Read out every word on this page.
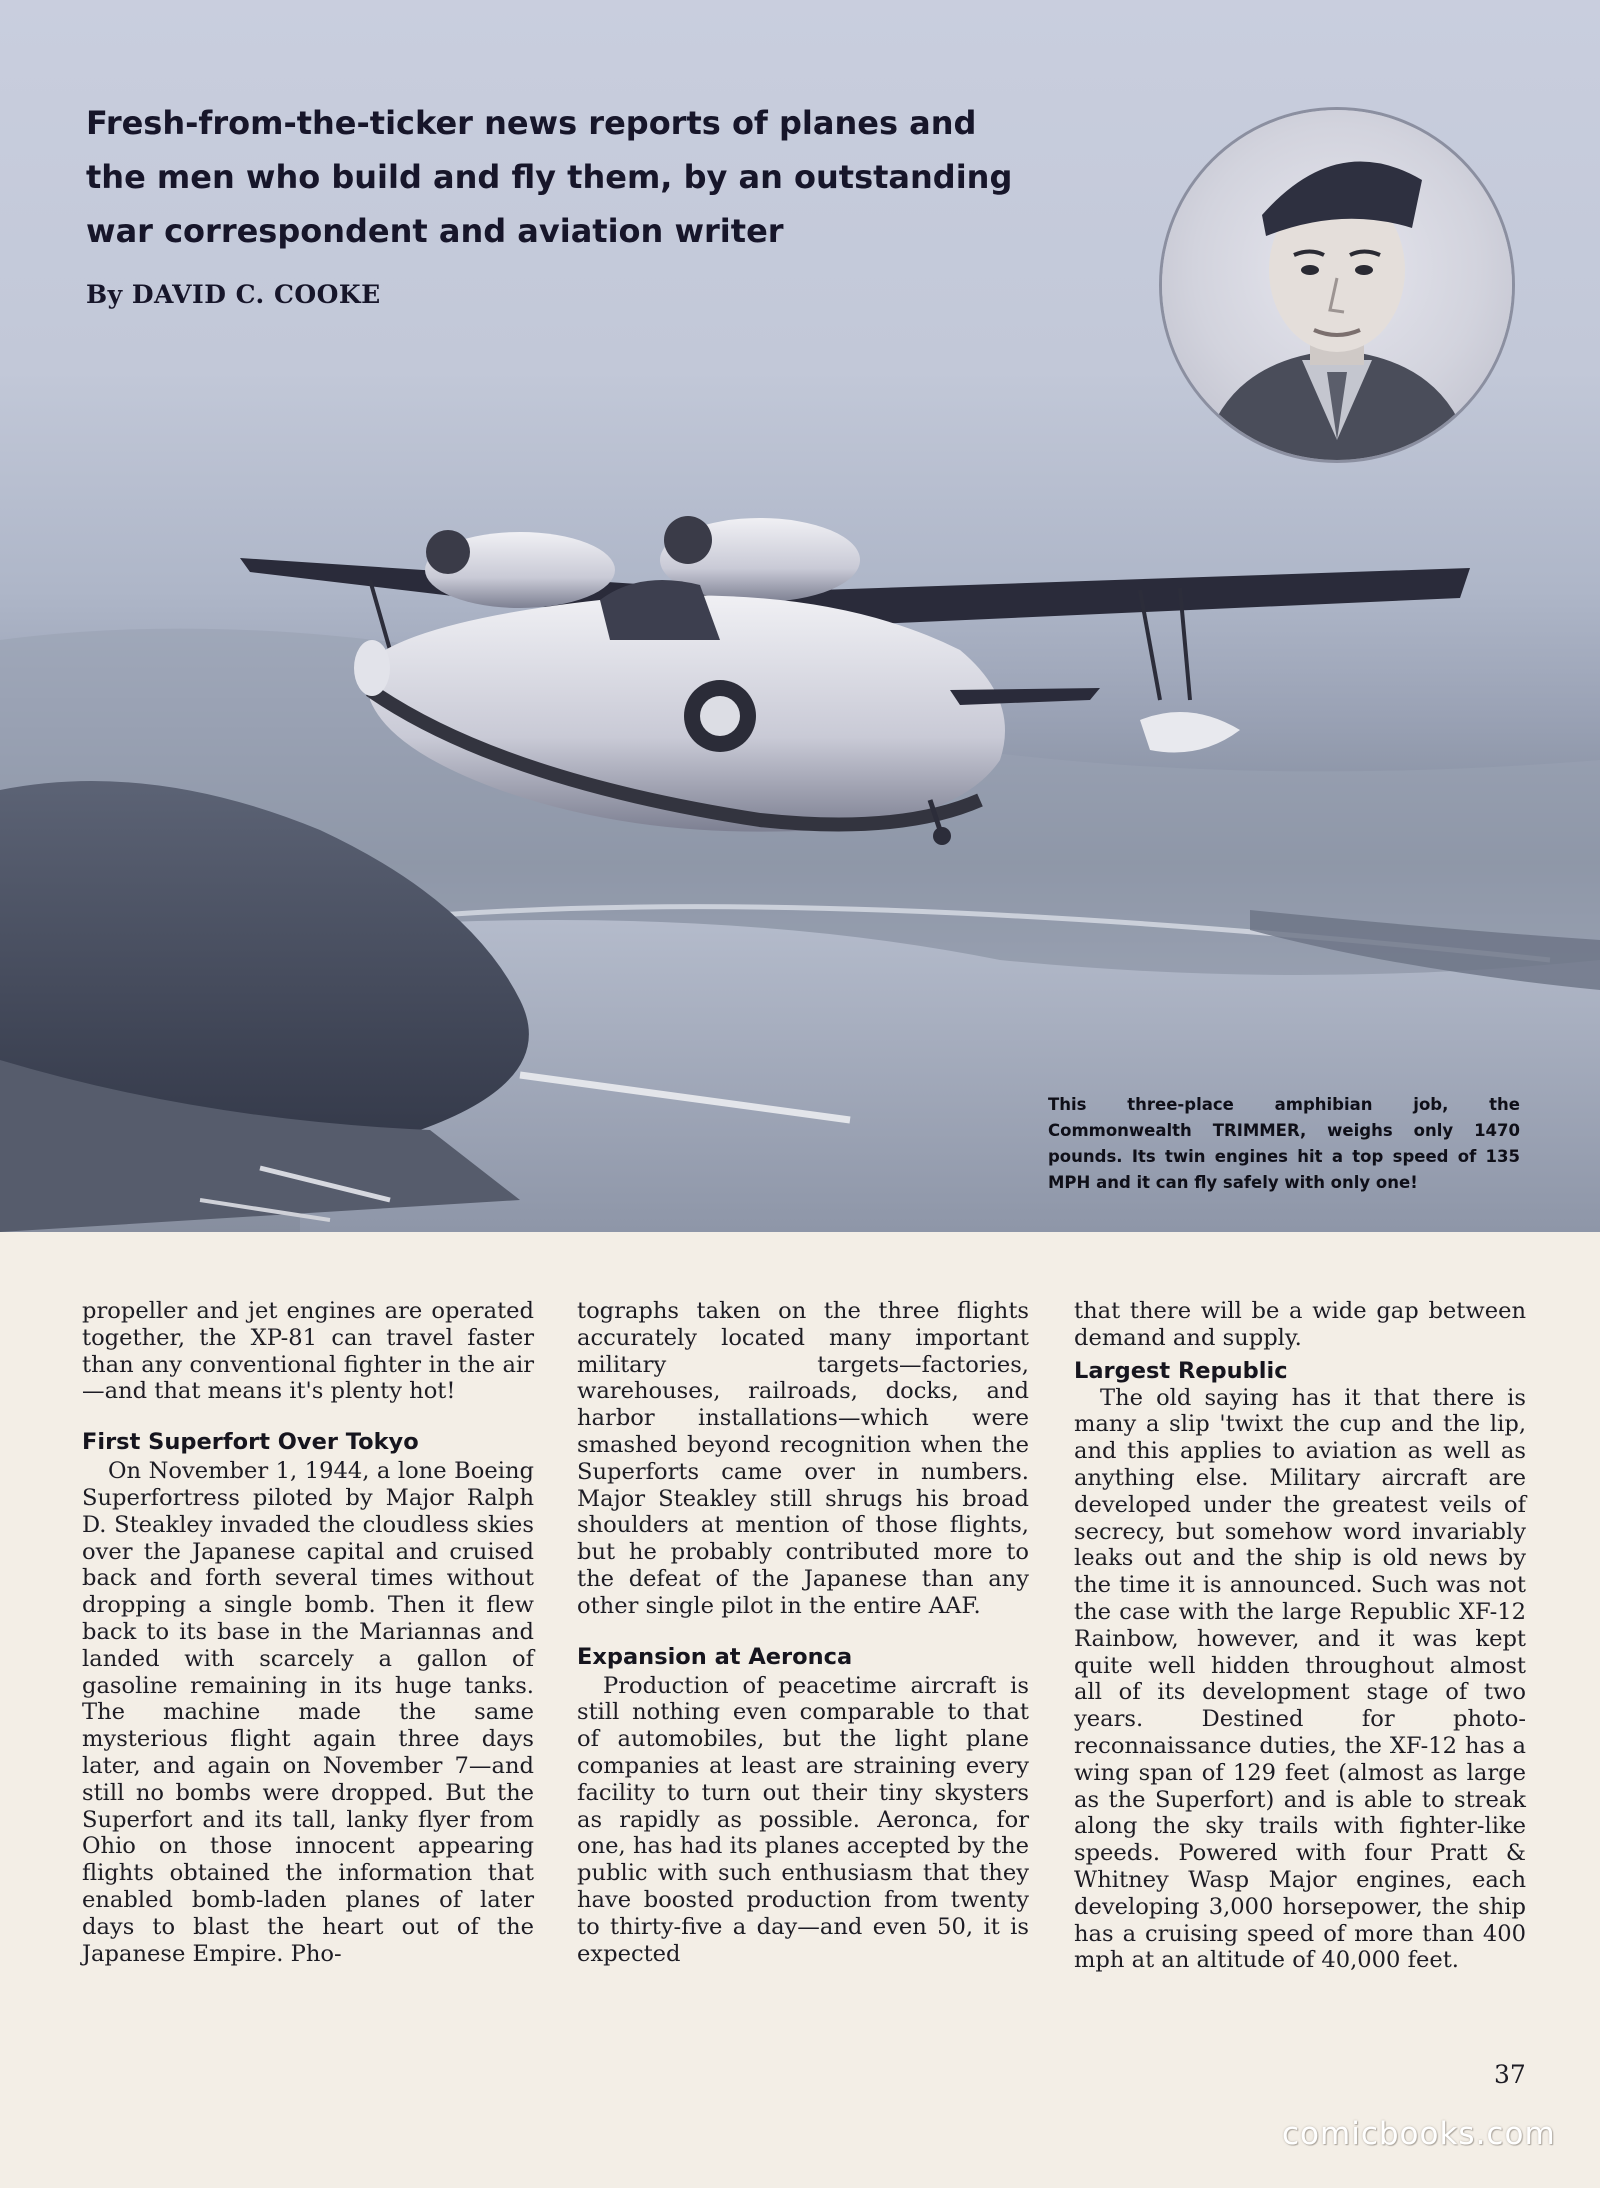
Fresh-from-the-ticker news reports of planes and the men who build and fly them, by an outstanding war correspondent and aviation writer
By DAVID C. COOKE
This three-place amphibian job, the Commonwealth TRIMMER, weighs only 1470 pounds. Its twin engines hit a top speed of 135 MPH and it can fly safely with only one!

propeller and jet engines are operated together, the XP-81 can travel faster than any conventional fighter in the air—and that means it's plenty hot!

First Superfort Over Tokyo

On November 1, 1944, a lone Boeing Superfortress piloted by Major Ralph D. Steakley invaded the cloudless skies over the Japanese capital and cruised back and forth several times without dropping a single bomb. Then it flew back to its base in the Mariannas and landed with scarcely a gallon of gasoline remaining in its huge tanks. The machine made the same mysterious flight again three days later, and again on November 7—and still no bombs were dropped. But the Superfort and its tall, lanky flyer from Ohio on those innocent appearing flights obtained the information that enabled bomb-laden planes of later days to blast the heart out of the Japanese Empire. Pho-

tographs taken on the three flights accurately located many important military targets—factories, warehouses, railroads, docks, and harbor installations—which were smashed beyond recognition when the Superforts came over in numbers. Major Steakley still shrugs his broad shoulders at mention of those flights, but he probably contributed more to the defeat of the Japanese than any other single pilot in the entire AAF.

Expansion at Aeronca

Production of peacetime aircraft is still nothing even comparable to that of automobiles, but the light plane companies at least are straining every facility to turn out their tiny skysters as rapidly as possible. Aeronca, for one, has had its planes accepted by the public with such enthusiasm that they have boosted production from twenty to thirty-five a day—and even 50, it is expected

that there will be a wide gap between demand and supply.

Largest Republic

The old saying has it that there is many a slip 'twixt the cup and the lip, and this applies to aviation as well as anything else. Military aircraft are developed under the greatest veils of secrecy, but somehow word invariably leaks out and the ship is old news by the time it is announced. Such was not the case with the large Republic XF-12 Rainbow, however, and it was kept quite well hidden throughout almost all of its development stage of two years. Destined for photo-reconnaissance duties, the XF-12 has a wing span of 129 feet (almost as large as the Superfort) and is able to streak along the sky trails with fighter-like speeds. Powered with four Pratt & Whitney Wasp Major engines, each developing 3,000 horsepower, the ship has a cruising speed of more than 400 mph at an altitude of 40,000 feet.

37
comicbooks.com
